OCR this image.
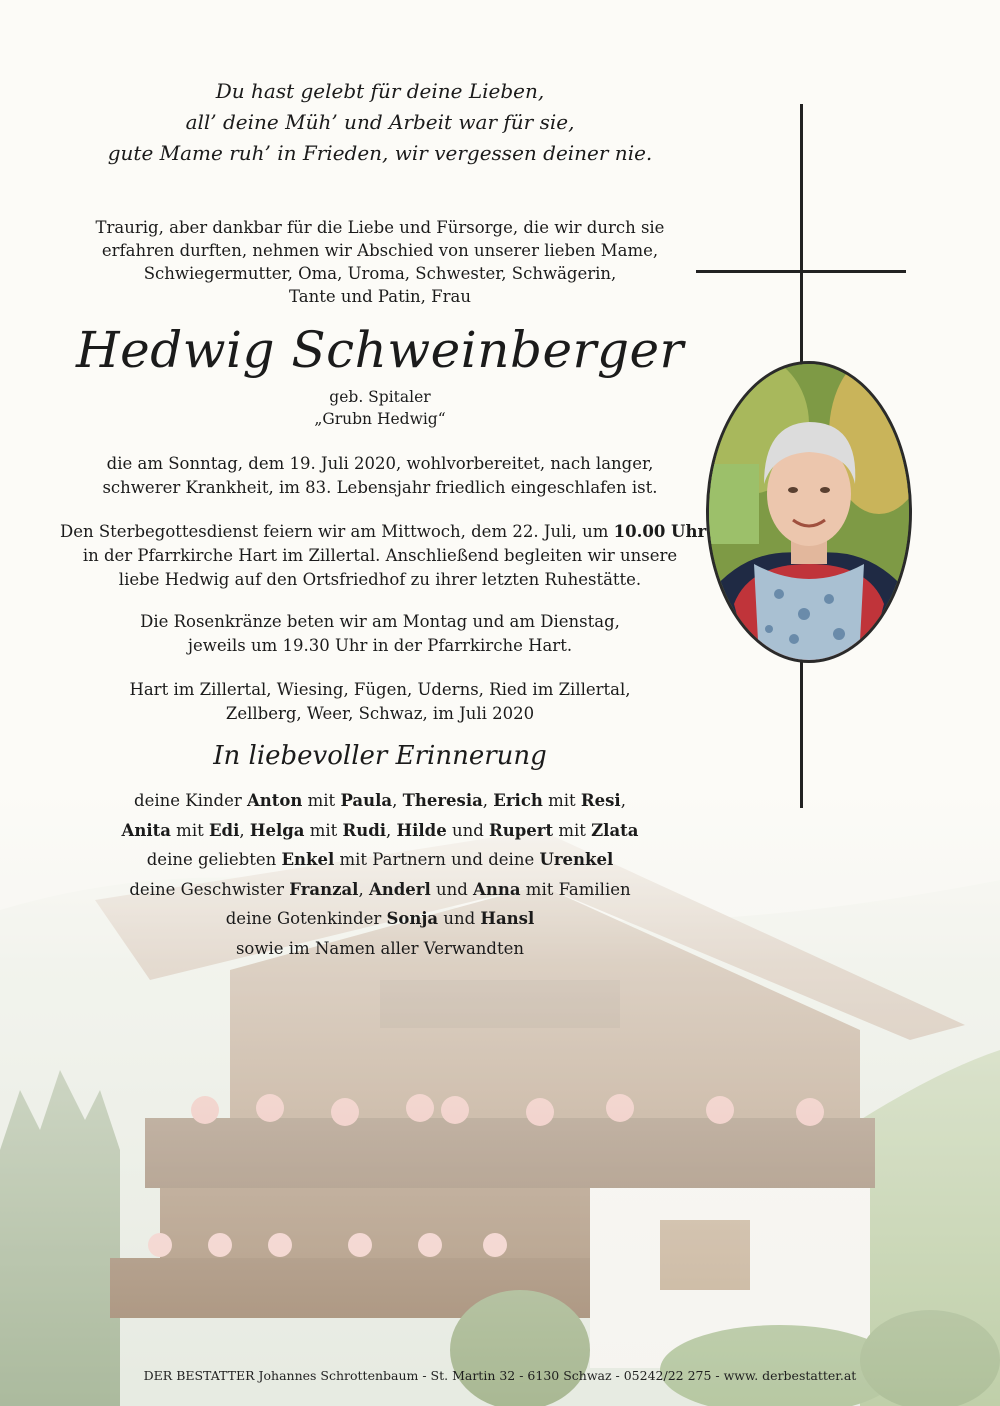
Du hast gelebt für deine Lieben,
all’ deine Müh’ und Arbeit war für sie,
gute Mame ruh’ in Frieden, wir vergessen deiner nie.
Traurig, aber dankbar für die Liebe und Fürsorge, die wir durch sie
erfahren durften, nehmen wir Abschied von unserer lieben Mame,
Schwiegermutter, Oma, Uroma, Schwester, Schwägerin,
Tante und Patin, Frau
Hedwig Schweinberger
geb. Spitaler
„Grubn Hedwig“
die am Sonntag, dem 19. Juli 2020, wohlvorbereitet, nach langer,
schwerer Krankheit, im 83. Lebensjahr friedlich eingeschlafen ist.
Den Sterbegottesdienst feiern wir am Mittwoch, dem 22. Juli, um 10.00 Uhr
in der Pfarrkirche Hart im Zillertal. Anschließend begleiten wir unsere
liebe Hedwig auf den Ortsfriedhof zu ihrer letzten Ruhestätte.
Die Rosenkränze beten wir am Montag und am Dienstag,
jeweils um 19.30 Uhr in der Pfarrkirche Hart.
Hart im Zillertal, Wiesing, Fügen, Uderns, Ried im Zillertal,
Zellberg, Weer, Schwaz, im Juli 2020
In liebevoller Erinnerung
deine Kinder Anton mit Paula, Theresia, Erich mit Resi,
Anita mit Edi, Helga mit Rudi, Hilde und Rupert mit Zlata
deine geliebten Enkel mit Partnern und deine Urenkel
deine Geschwister Franzal, Anderl und Anna mit Familien
deine Gotenkinder Sonja und Hansl
sowie im Namen aller Verwandten
DER BESTATTER Johannes Schrottenbaum - St. Martin 32 - 6130 Schwaz - 05242/22 275 - www. derbestatter.at
